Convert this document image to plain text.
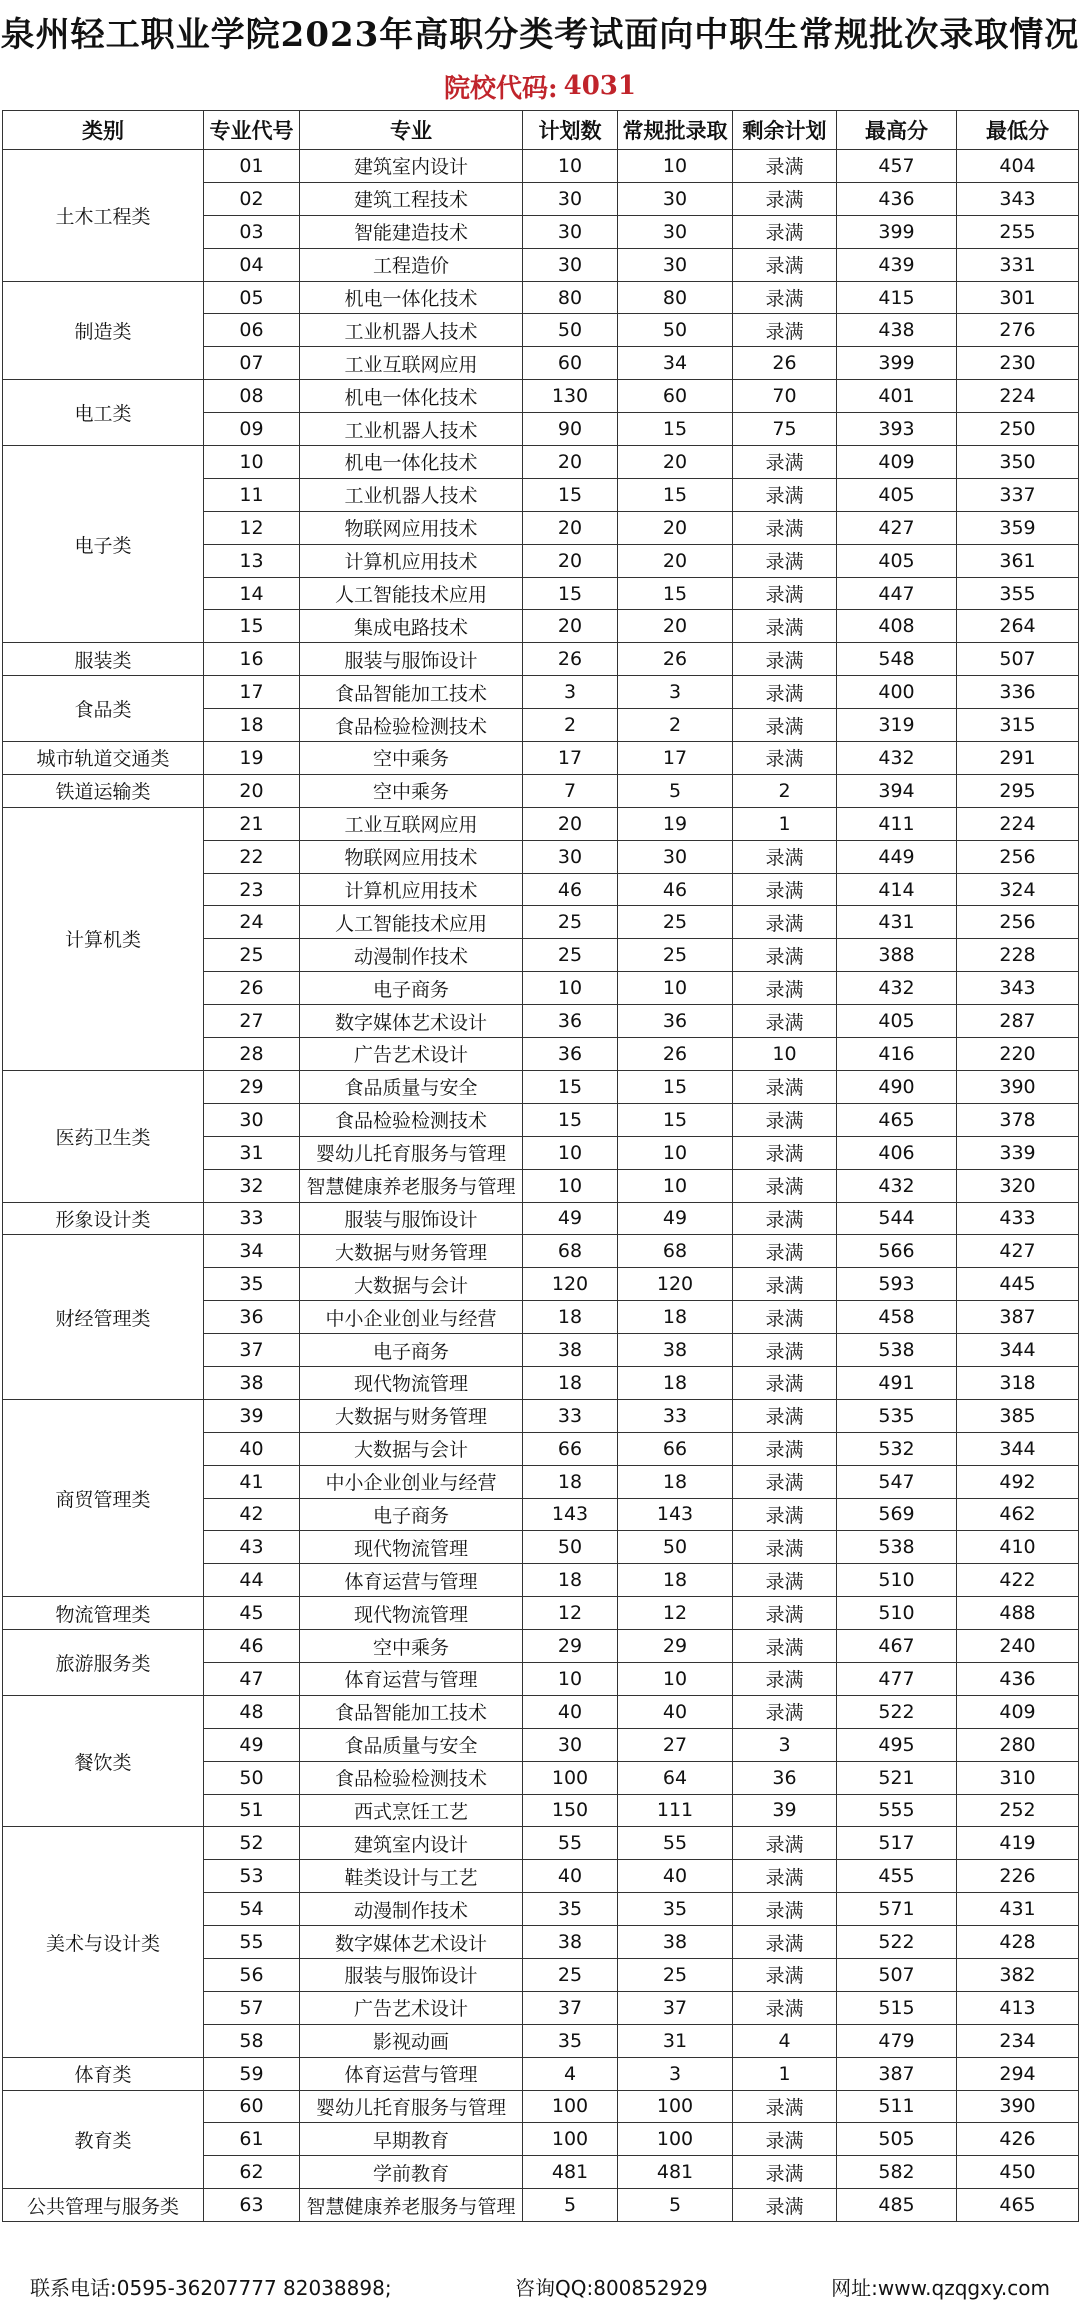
泉州轻工职业学院2023年高职分类考试面向中职生常规批次录取情况
院校代码: 4031
类别	专业代号	专业	计划数	常规批录取	剩余计划	最高分	最低分
土木工程类	01	建筑室内设计	10	10	录满	457	404
	02	建筑工程技术	30	30	录满	436	343
	03	智能建造技术	30	30	录满	399	255
	04	工程造价	30	30	录满	439	331
制造类	05	机电一体化技术	80	80	录满	415	301
	06	工业机器人技术	50	50	录满	438	276
	07	工业互联网应用	60	34	26	399	230
电工类	08	机电一体化技术	130	60	70	401	224
	09	工业机器人技术	90	15	75	393	250
电子类	10	机电一体化技术	20	20	录满	409	350
	11	工业机器人技术	15	15	录满	405	337
	12	物联网应用技术	20	20	录满	427	359
	13	计算机应用技术	20	20	录满	405	361
	14	人工智能技术应用	15	15	录满	447	355
	15	集成电路技术	20	20	录满	408	264
服装类	16	服装与服饰设计	26	26	录满	548	507
食品类	17	食品智能加工技术	3	3	录满	400	336
	18	食品检验检测技术	2	2	录满	319	315
城市轨道交通类	19	空中乘务	17	17	录满	432	291
铁道运输类	20	空中乘务	7	5	2	394	295
计算机类	21	工业互联网应用	20	19	1	411	224
	22	物联网应用技术	30	30	录满	449	256
	23	计算机应用技术	46	46	录满	414	324
	24	人工智能技术应用	25	25	录满	431	256
	25	动漫制作技术	25	25	录满	388	228
	26	电子商务	10	10	录满	432	343
	27	数字媒体艺术设计	36	36	录满	405	287
	28	广告艺术设计	36	26	10	416	220
医药卫生类	29	食品质量与安全	15	15	录满	490	390
	30	食品检验检测技术	15	15	录满	465	378
	31	婴幼儿托育服务与管理	10	10	录满	406	339
	32	智慧健康养老服务与管理	10	10	录满	432	320
形象设计类	33	服装与服饰设计	49	49	录满	544	433
财经管理类	34	大数据与财务管理	68	68	录满	566	427
	35	大数据与会计	120	120	录满	593	445
	36	中小企业创业与经营	18	18	录满	458	387
	37	电子商务	38	38	录满	538	344
	38	现代物流管理	18	18	录满	491	318
商贸管理类	39	大数据与财务管理	33	33	录满	535	385
	40	大数据与会计	66	66	录满	532	344
	41	中小企业创业与经营	18	18	录满	547	492
	42	电子商务	143	143	录满	569	462
	43	现代物流管理	50	50	录满	538	410
	44	体育运营与管理	18	18	录满	510	422
物流管理类	45	现代物流管理	12	12	录满	510	488
旅游服务类	46	空中乘务	29	29	录满	467	240
	47	体育运营与管理	10	10	录满	477	436
餐饮类	48	食品智能加工技术	40	40	录满	522	409
	49	食品质量与安全	30	27	3	495	280
	50	食品检验检测技术	100	64	36	521	310
	51	西式烹饪工艺	150	111	39	555	252
美术与设计类	52	建筑室内设计	55	55	录满	517	419
	53	鞋类设计与工艺	40	40	录满	455	226
	54	动漫制作技术	35	35	录满	571	431
	55	数字媒体艺术设计	38	38	录满	522	428
	56	服装与服饰设计	25	25	录满	507	382
	57	广告艺术设计	37	37	录满	515	413
	58	影视动画	35	31	4	479	234
体育类	59	体育运营与管理	4	3	1	387	294
教育类	60	婴幼儿托育服务与管理	100	100	录满	511	390
	61	早期教育	100	100	录满	505	426
	62	学前教育	481	481	录满	582	450
公共管理与服务类	63	智慧健康养老服务与管理	5	5	录满	485	465
联系电话:0595-36207777 82038898;	咨询QQ:800852929	网址:www.qzqgxy.com
